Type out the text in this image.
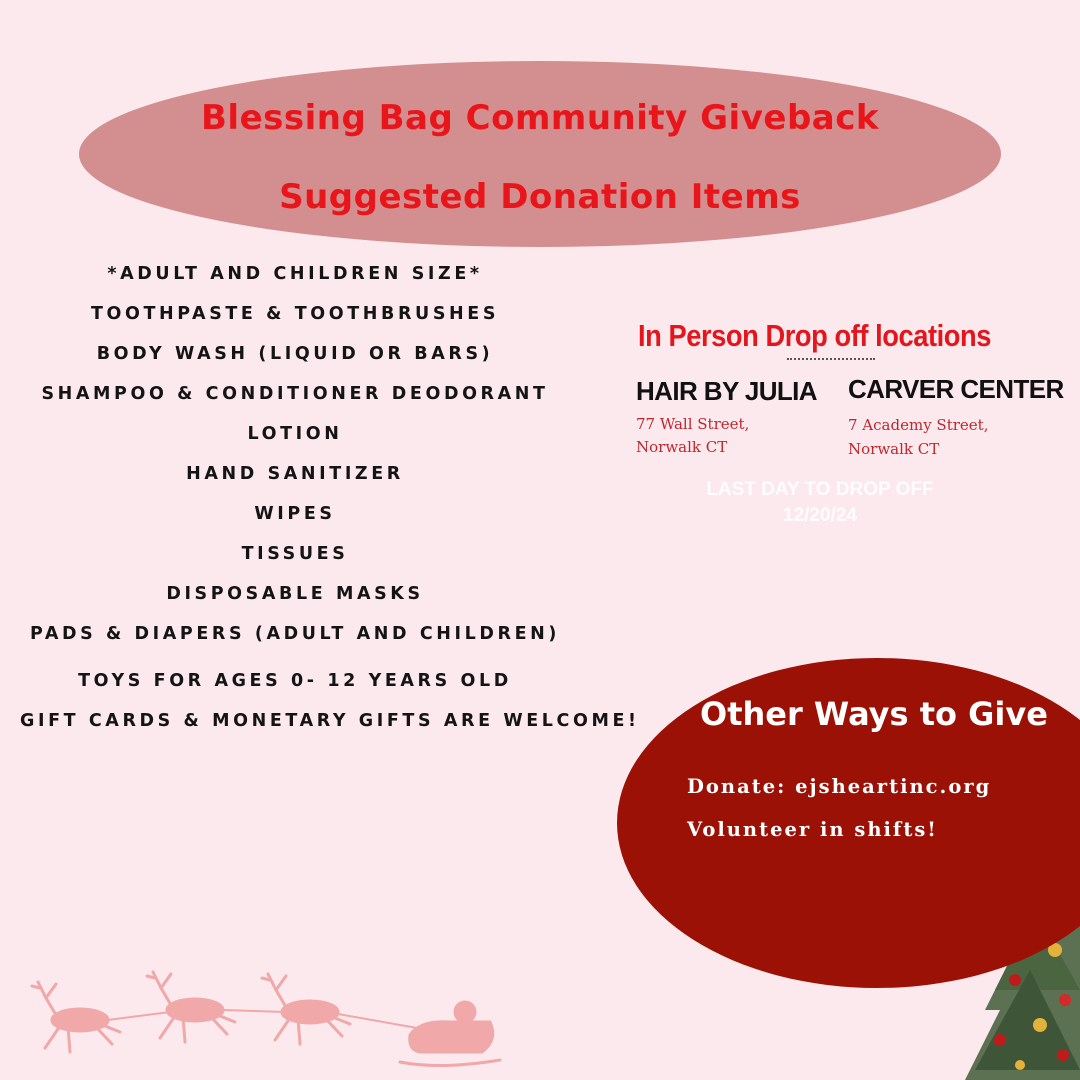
Blessing Bag Community Giveback
Suggested Donation Items
*ADULT AND CHILDREN SIZE*
TOOTHPASTE & TOOTHBRUSHES
BODY WASH (LIQUID OR BARS)
SHAMPOO & CONDITIONER DEODORANT
LOTION
HAND SANITIZER
WIPES
TISSUES
DISPOSABLE MASKS
PADS & DIAPERS (ADULT AND CHILDREN)
TOYS FOR AGES 0- 12 YEARS OLD
GIFT CARDS & MONETARY GIFTS ARE WELCOME!
In Person Drop off locations
HAIR BY JULIA
77 Wall Street,
Norwalk CT
CARVER CENTER
7 Academy Street,
Norwalk CT
LAST DAY TO DROP OFF
12/20/24
Other Ways to Give
Donate: ejsheartinc.org
Volunteer in shifts!
